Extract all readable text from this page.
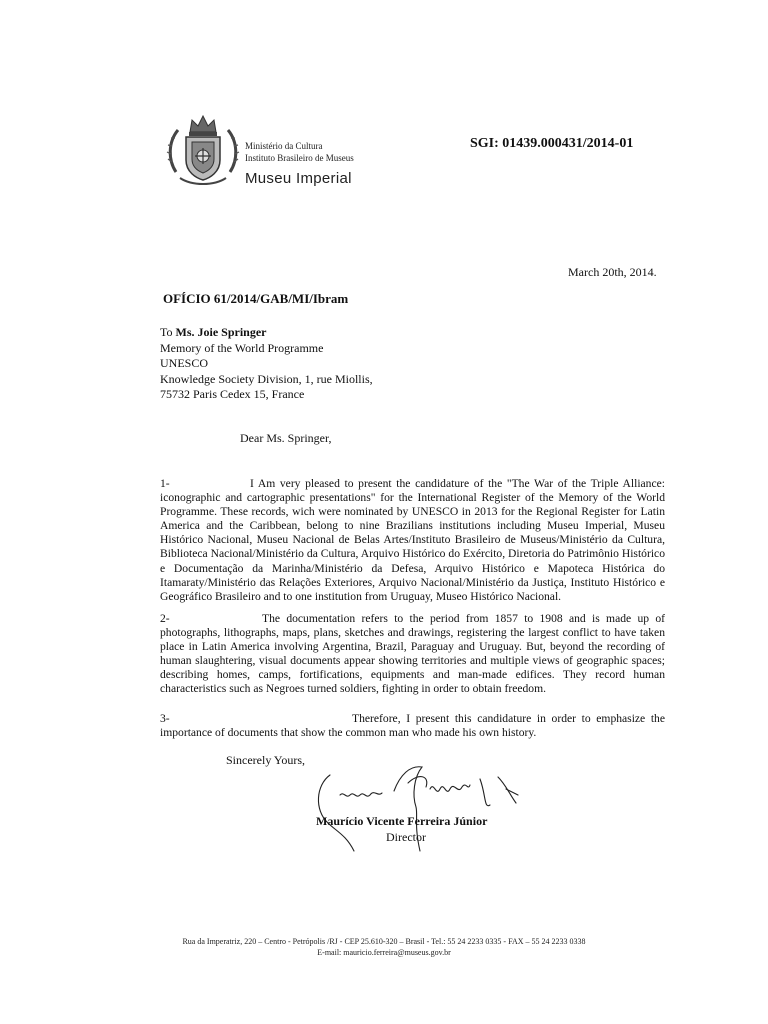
Ministério da Cultura
Instituto Brasileiro de Museus
Museu Imperial
SGI: 01439.000431/2014-01
March 20th, 2014.
OFÍCIO 61/2014/GAB/MI/Ibram
To Ms. Joie Springer
Memory of the World Programme
UNESCO
Knowledge Society Division, 1, rue Miollis,
75732 Paris Cedex 15, France
Dear Ms. Springer,
1-	I Am very pleased to present the candidature of the "The War of the Triple Alliance: iconographic and cartographic presentations" for the International Register of the Memory of the World Programme. These records, wich were nominated by UNESCO in 2013 for the Regional Register for Latin America and the Caribbean, belong to nine Brazilians institutions including Museu Imperial, Museu Histórico Nacional, Museu Nacional de Belas Artes/Instituto Brasileiro de Museus/Ministério da Cultura, Biblioteca Nacional/Ministério da Cultura, Arquivo Histórico do Exército, Diretoria do Patrimônio Histórico e Documentação da Marinha/Ministério da Defesa, Arquivo Histórico e Mapoteca Histórica do Itamaraty/Ministério das Relações Exteriores, Arquivo Nacional/Ministério da Justiça, Instituto Histórico e Geográfico Brasileiro and to one institution from Uruguay, Museo Histórico Nacional.
2-	The documentation refers to the period from 1857 to 1908 and is made up of photographs, lithographs, maps, plans, sketches and drawings, registering the largest conflict to have taken place in Latin America involving Argentina, Brazil, Paraguay and Uruguay. But, beyond the recording of human slaughtering, visual documents appear showing territories and multiple views of geographic spaces; describing homes, camps, fortifications, equipments and man-made edifices. They record human characteristics such as Negroes turned soldiers, fighting in order to obtain freedom.
3-	Therefore, I present this candidature in order to emphasize the importance of documents that show the common man who made his own history.
Sincerely Yours,
Maurício Vicente Ferreira Júnior
Director
Rua da Imperatriz, 220 – Centro - Petrópolis /RJ - CEP 25.610-320 – Brasil - Tel.: 55 24 2233 0335 - FAX – 55 24 2233 0338
E-mail: mauricio.ferreira@museus.gov.br
